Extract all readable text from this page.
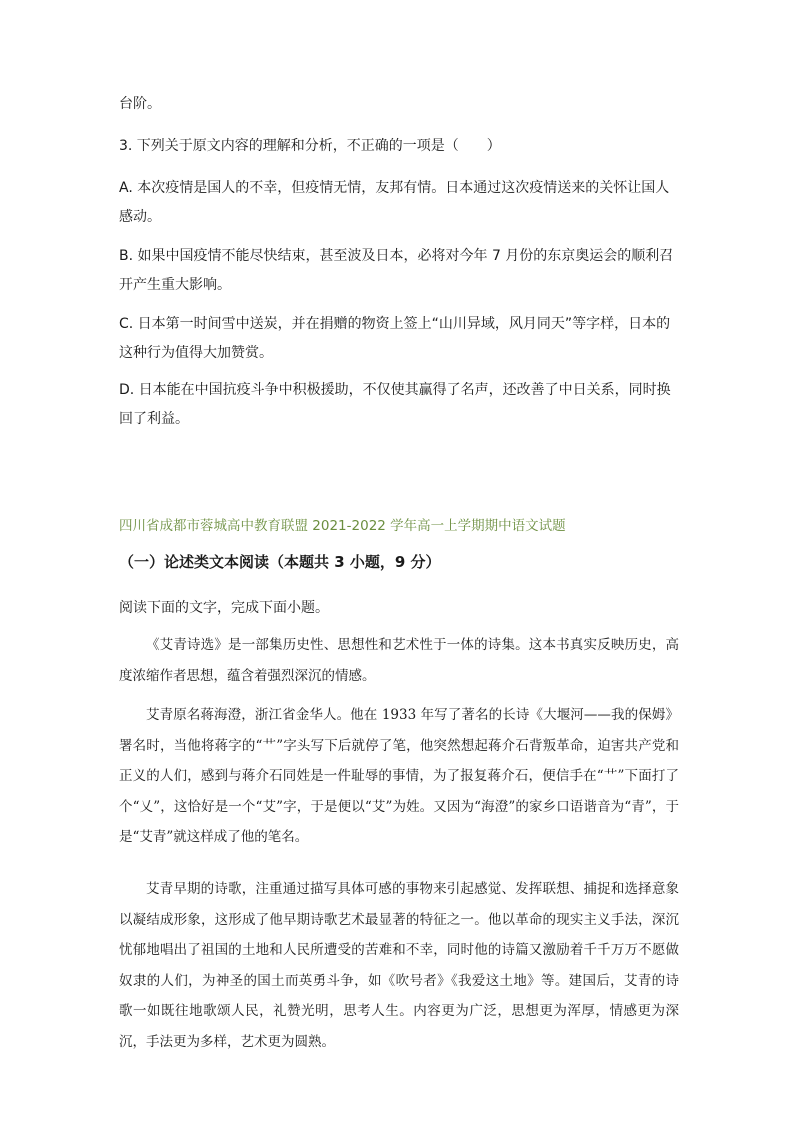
台阶。

3. 下列关于原文内容的理解和分析，不正确的一项是（　　）

A. 本次疫情是国人的不幸，但疫情无情，友邦有情。日本通过这次疫情送来的关怀让国人感动。

B. 如果中国疫情不能尽快结束，甚至波及日本，必将对今年 7 月份的东京奥运会的顺利召开产生重大影响。

C. 日本第一时间雪中送炭，并在捐赠的物资上签上“山川异域，风月同天”等字样，日本的这种行为值得大加赞赏。

D. 日本能在中国抗疫斗争中积极援助，不仅使其赢得了名声，还改善了中日关系，同时换回了利益。

四川省成都市蓉城高中教育联盟 2021-2022 学年高一上学期期中语文试题

（一）论述类文本阅读（本题共 3 小题，9 分）

阅读下面的文字，完成下面小题。

《艾青诗选》是一部集历史性、思想性和艺术性于一体的诗集。这本书真实反映历史，高度浓缩作者思想，蕴含着强烈深沉的情感。

艾青原名蒋海澄，浙江省金华人。他在 1933 年写了著名的长诗《大堰河——我的保姆》署名时，当他将蒋字的“艹”字头写下后就停了笔，他突然想起蒋介石背叛革命，迫害共产党和正义的人们，感到与蒋介石同姓是一件耻辱的事情，为了报复蒋介石，便信手在“艹”下面打了个“乂”，这恰好是一个“艾”字，于是便以“艾”为姓。又因为“海澄”的家乡口语谐音为“青”，于是“艾青”就这样成了他的笔名。

艾青早期的诗歌，注重通过描写具体可感的事物来引起感觉、发挥联想、捕捉和选择意象以凝结成形象，这形成了他早期诗歌艺术最显著的特征之一。他以革命的现实主义手法，深沉忧郁地唱出了祖国的土地和人民所遭受的苦难和不幸，同时他的诗篇又激励着千千万万不愿做奴隶的人们，为神圣的国土而英勇斗争，如《吹号者》《我爱这土地》等。建国后，艾青的诗歌一如既往地歌颂人民，礼赞光明，思考人生。内容更为广泛，思想更为浑厚，情感更为深沉，手法更为多样，艺术更为圆熟。
